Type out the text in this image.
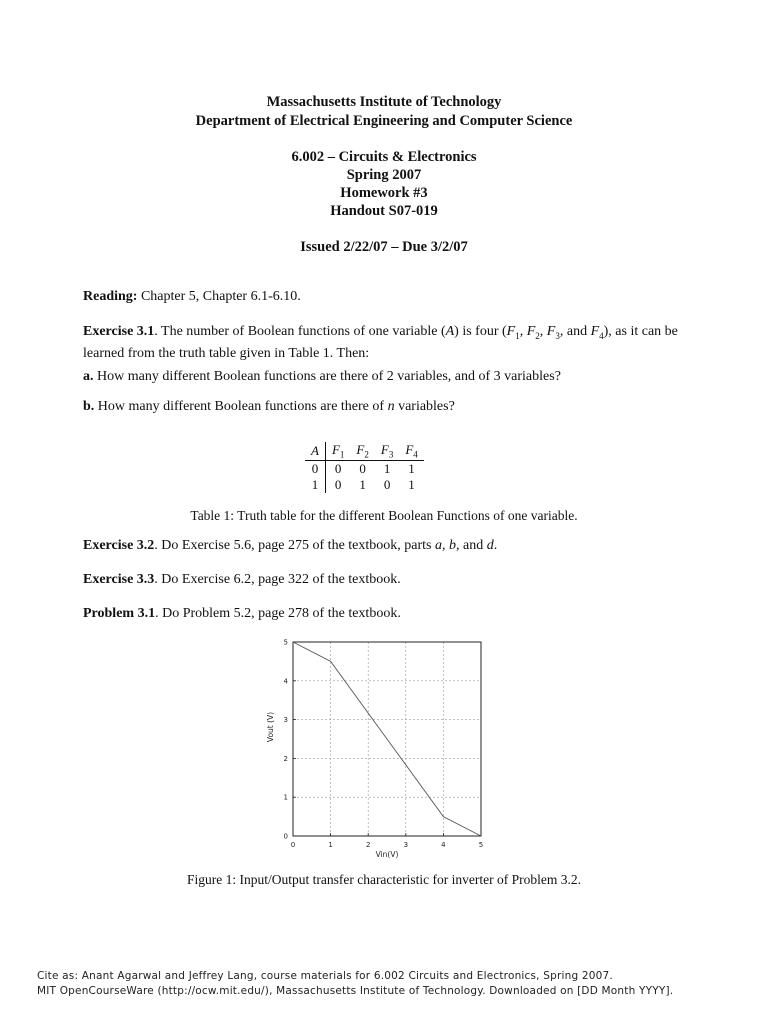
Massachusetts Institute of Technology
Department of Electrical Engineering and Computer Science
6.002 – Circuits & Electronics
Spring 2007
Homework #3
Handout S07-019
Issued 2/22/07 – Due 3/2/07
Reading: Chapter 5, Chapter 6.1-6.10.
Exercise 3.1. The number of Boolean functions of one variable (A) is four ($F_1$, $F_2$, $F_3$, and $F_4$), as it can be learned from the truth table given in Table 1. Then:
a. How many different Boolean functions are there of 2 variables, and of 3 variables?
b. How many different Boolean functions are there of n variables?
A	$F_1$	$F_2$	$F_3$	$F_4$
0	0	0	1	1
1	0	1	0	1
Table 1: Truth table for the different Boolean Functions of one variable.
Exercise 3.2. Do Exercise 5.6, page 275 of the textbook, parts a, b, and d.
Exercise 3.3. Do Exercise 6.2, page 322 of the textbook.
Problem 3.1. Do Problem 5.2, page 278 of the textbook.
0	1	2	3	4	5
0
1
2
3
4
5
Vin(V)
Vout (V)
Figure 1: Input/Output transfer characteristic for inverter of Problem 3.2.
Cite as: Anant Agarwal and Jeffrey Lang, course materials for 6.002 Circuits and Electronics, Spring 2007.
MIT OpenCourseWare (http://ocw.mit.edu/), Massachusetts Institute of Technology. Downloaded on [DD Month YYYY].
